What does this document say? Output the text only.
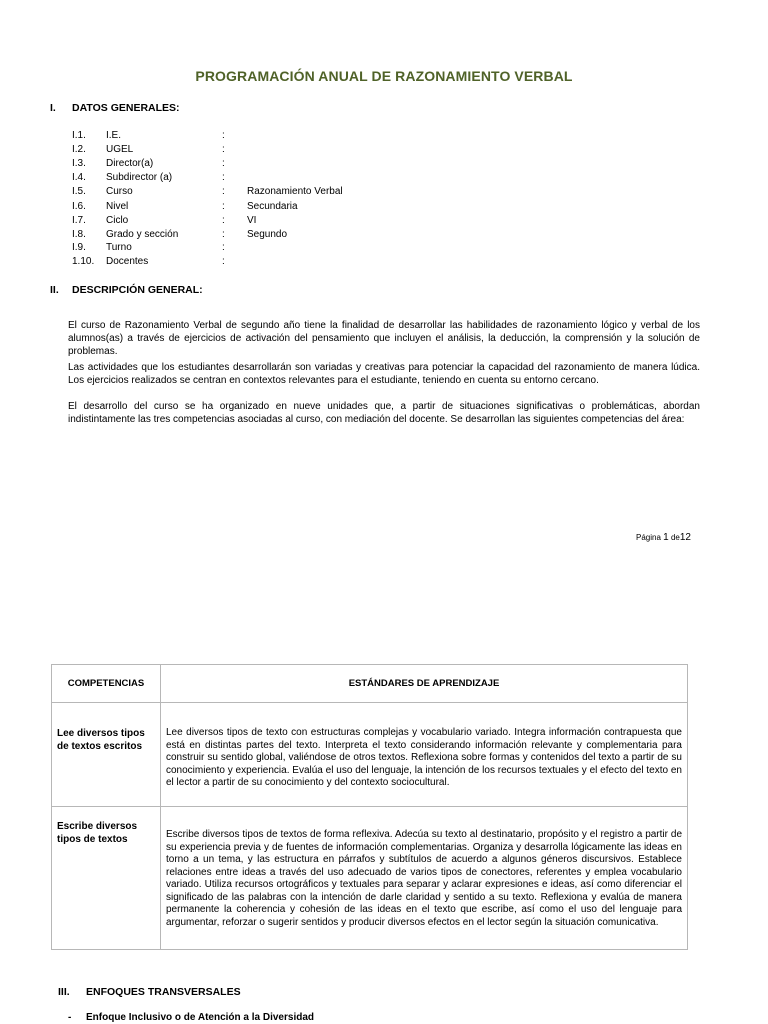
PROGRAMACIÓN ANUAL DE RAZONAMIENTO VERBAL
I. DATOS GENERALES:
I.1. I.E.	:
I.2. UGEL	:
I.3. Director(a)	:
I.4. Subdirector (a)	:
I.5. Curso	: Razonamiento Verbal
I.6. Nivel	: Secundaria
I.7. Ciclo	: VI
I.8. Grado y sección	: Segundo
I.9. Turno	:
1.10. Docentes	:
II. DESCRIPCIÓN GENERAL:
El curso de Razonamiento Verbal de segundo año tiene la finalidad de desarrollar las habilidades de razonamiento lógico y verbal de los alumnos(as) a través de ejercicios de activación del pensamiento que incluyen el análisis, la deducción, la comprensión y la solución de problemas.
Las actividades que los estudiantes desarrollarán son variadas y creativas para potenciar la capacidad del razonamiento de manera lúdica. Los ejercicios realizados se centran en contextos relevantes para el estudiante, teniendo en cuenta su entorno cercano.
El desarrollo del curso se ha organizado en nueve unidades que, a partir de situaciones significativas o problemáticas, abordan indistintamente las tres competencias asociadas al curso, con mediación del docente. Se desarrollan las siguientes competencias del área:
Página 1 de12
COMPETENCIAS	ESTÁNDARES DE APRENDIZAJE
Lee diversos tipos de textos escritos	Lee diversos tipos de texto con estructuras complejas y vocabulario variado. Integra información contrapuesta que está en distintas partes del texto. Interpreta el texto considerando información relevante y complementaria para construir su sentido global, valiéndose de otros textos. Reflexiona sobre formas y contenidos del texto a partir de su conocimiento y experiencia. Evalúa el uso del lenguaje, la intención de los recursos textuales y el efecto del texto en el lector a partir de su conocimiento y del contexto sociocultural.
Escribe diversos tipos de textos	Escribe diversos tipos de textos de forma reflexiva. Adecúa su texto al destinatario, propósito y el registro a partir de su experiencia previa y de fuentes de información complementarias. Organiza y desarrolla lógicamente las ideas en torno a un tema, y las estructura en párrafos y subtítulos de acuerdo a algunos géneros discursivos. Establece relaciones entre ideas a través del uso adecuado de varios tipos de conectores, referentes y emplea vocabulario variado. Utiliza recursos ortográficos y textuales para separar y aclarar expresiones e ideas, así como diferenciar el significado de las palabras con la intención de darle claridad y sentido a su texto. Reflexiona y evalúa de manera permanente la coherencia y cohesión de las ideas en el texto que escribe, así como el uso del lenguaje para argumentar, reforzar o sugerir sentidos y producir diversos efectos en el lector según la situación comunicativa.
III. ENFOQUES TRANSVERSALES
- Enfoque Inclusivo o de Atención a la Diversidad
